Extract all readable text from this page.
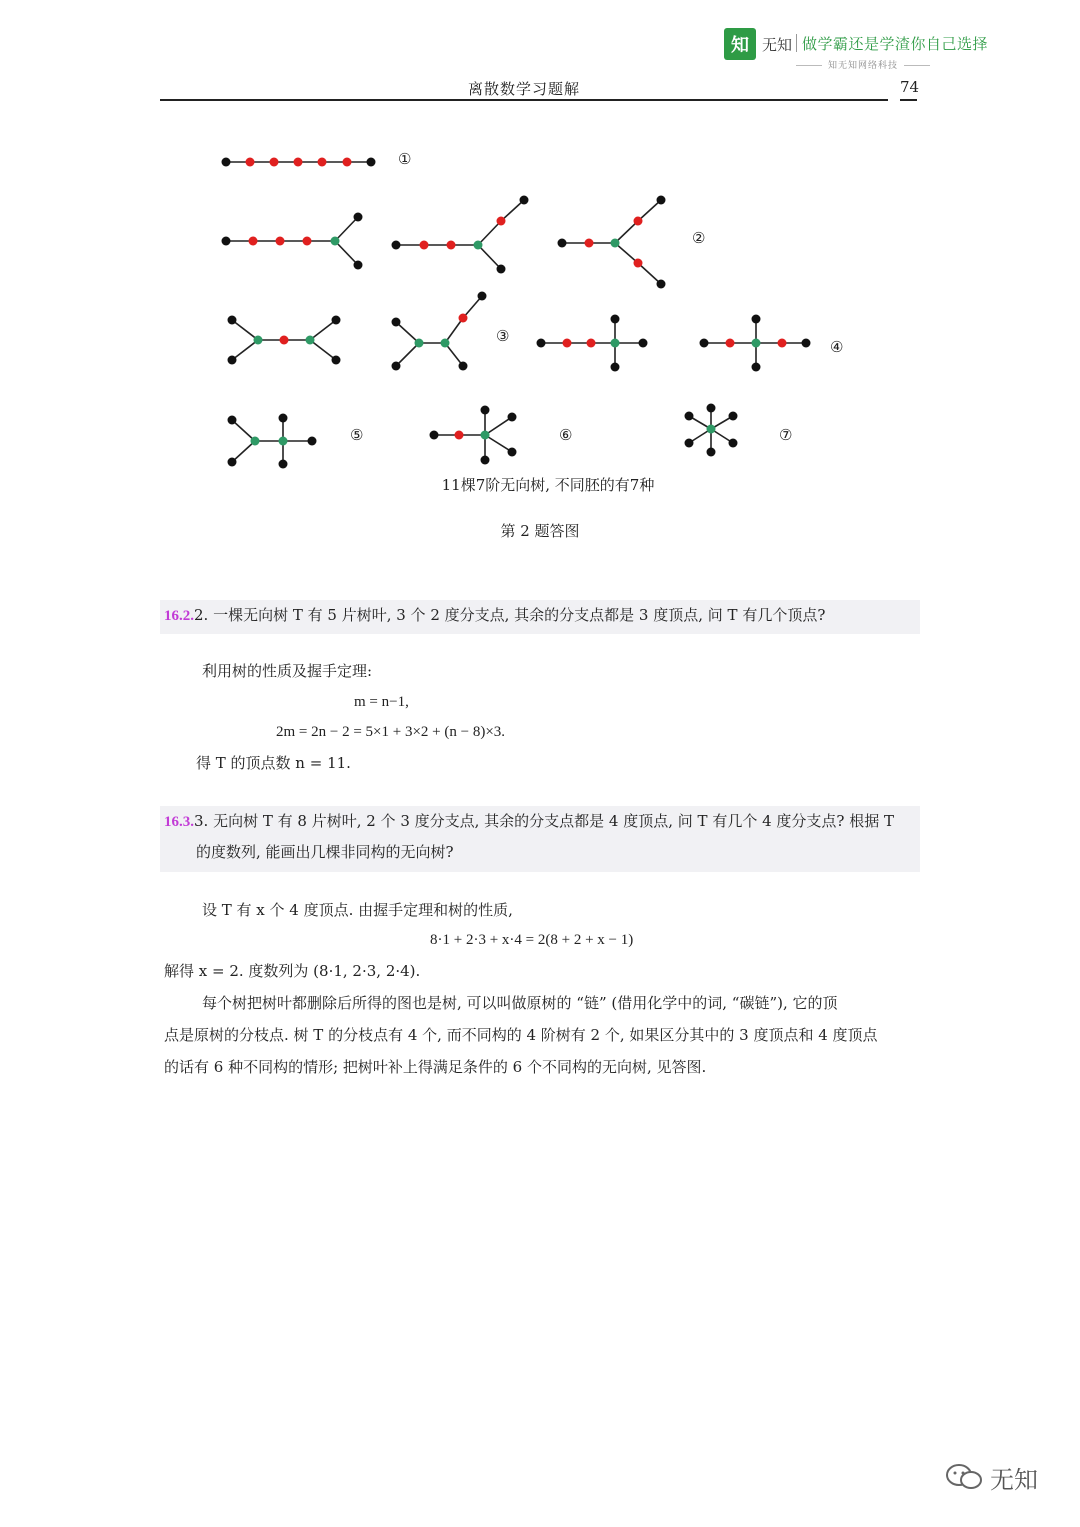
知 无知 做学霸还是学渣你自己选择
知无知网络科技
离散数学习题解	74
①
②
③
④
⑤	⑥	⑦
11棵7阶无向树, 不同胚的有7种
第 2 题答图
16.2.2. 一棵无向树 T 有 5 片树叶, 3 个 2 度分支点, 其余的分支点都是 3 度顶点, 问 T 有几个顶点?
利用树的性质及握手定理:
m = n−1,
2m = 2n − 2 = 5×1 + 3×2 + (n − 8)×3.
得 T 的顶点数 n = 11.
16.3.3. 无向树 T 有 8 片树叶, 2 个 3 度分支点, 其余的分支点都是 4 度顶点, 问 T 有几个 4 度分支点? 根据 T
的度数列, 能画出几棵非同构的无向树?
设 T 有 x 个 4 度顶点. 由握手定理和树的性质,
8·1 + 2·3 + x·4 = 2(8 + 2 + x − 1)
解得 x = 2. 度数列为 (8·1, 2·3, 2·4).
每个树把树叶都删除后所得的图也是树, 可以叫做原树的 “链” (借用化学中的词, “碳链”), 它的顶
点是原树的分枝点. 树 T 的分枝点有 4 个, 而不同构的 4 阶树有 2 个, 如果区分其中的 3 度顶点和 4 度顶点
的话有 6 种不同构的情形; 把树叶补上得满足条件的 6 个不同构的无向树, 见答图.
无知
